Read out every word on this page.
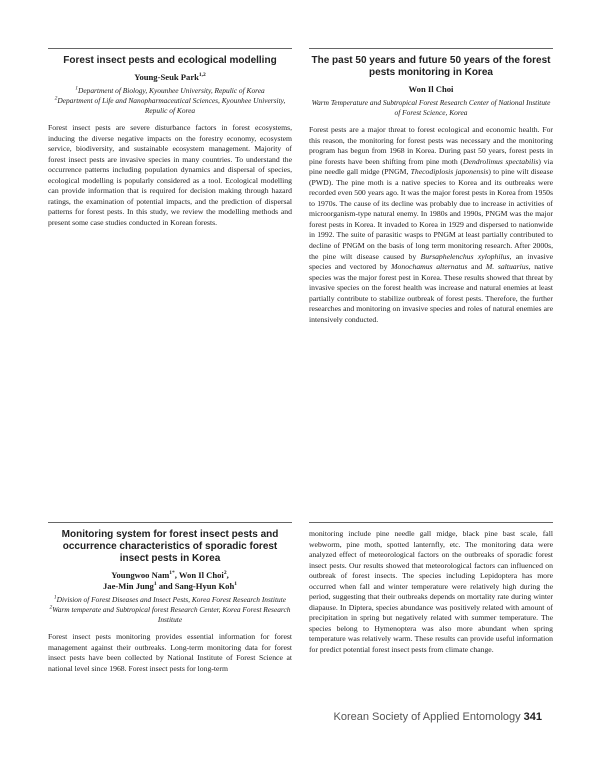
Forest insect pests and ecological modelling

Young-Seuk Park$^{1,2}$

$^1$Department of Biology, Kyounhee University, Repulic of Korea

$^2$Department of Life and Nanopharmaceutical Sciences, Kyounhee University, Repulic of Korea

Forest insect pests are severe disturbance factors in forest ecosystems, inducing the diverse negative impacts on the forestry economy, ecosystem service, biodiversity, and sustainable ecosystem management. Majority of forest insect pests are invasive species in many countries. To understand the occurrence patterns including population dynamics and dispersal of species, ecological modelling is popularly considered as a tool. Ecological modelling can provide information that is required for decision making through hazard ratings, the examination of potential impacts, and the prediction of dispersal patterns for forest pests. In this study, we review the modelling methods and present some case studies conducted in Korean forests.

The past 50 years and future 50 years of the forest pests monitoring in Korea

Won Il Choi

Warm Temperature and Subtropical Forest Research Center of National Institute of Forest Science, Korea

Forest pests are a major threat to forest ecological and economic health. For this reason, the monitoring for forest pests was necessary and the monitoring program has begun from 1968 in Korea. During past 50 years, forest pests in pine forests have been shifting from pine moth (Dendrolimus spectabilis) via pine needle gall midge (PNGM, Thecodiplosis japonensis) to pine wilt disease (PWD). The pine moth is a native species to Korea and its outbreaks were recorded even 500 years ago. It was the major forest pests in Korea from 1950s to 1970s. The cause of its decline was probably due to increase in activities of microorganism-type natural enemy. In 1980s and 1990s, PNGM was the major forest pests in Korea. It invaded to Korea in 1929 and dispersed to nationwide in 1992. The suite of parasitic wasps to PNGM at least partially contributed to decline of PNGM on the basis of long term monitoring research. After 2000s, the pine wilt disease caused by Bursaphelenchus xylophilus, an invasive species and vectored by Monochamus alternatus and M. saltuarius, native species was the major forest pest in Korea. These results showed that threat by invasive species on the forest health was increase and natural enemies at least partially contribute to stabilize outbreak of forest pests. Therefore, the further researches and monitoring on invasive species and roles of natural enemies are intensively conducted.

Monitoring system for forest insect pests and occurrence characteristics of sporadic forest insect pests in Korea

Youngwoo Nam$^{1*}$, Won Il Choi$^2$,
Jae-Min Jung$^1$ and Sang-Hyun Koh$^1$

$^1$Division of Forest Diseases and Insect Pests, Korea Forest Research Institute

$^2$Warm temperate and Subtropical forest Research Center, Korea Forest Research Institute

Forest insect pests monitoring provides essential information for forest management against their outbreaks. Long-term monitoring data for forest insect pests have been collected by National Institute of Forest Science at national level since 1968. Forest insect pests for long-term

monitoring include pine needle gall midge, black pine bast scale, fall webworm, pine moth, spotted lanternfly, etc. The monitoring data were analyzed effect of meteorological factors on the outbreaks of sporadic forest insect pests. Our results showed that meteorological factors can influenced on outbreak of forest insects. The species including Lepidoptera has more occurred when fall and winter temperature were relatively high during the period, suggesting that their outbreaks depends on mortality rate during winter diapause. In Diptera, species abundance was positively related with amount of precipitation in spring but negatively related with summer temperature. The species belong to Hymenoptera was also more abundant when spring temperature was relatively warm. These results can provide useful information for predict potential forest insect pests from climate change.

Korean Society of Applied Entomology 341
